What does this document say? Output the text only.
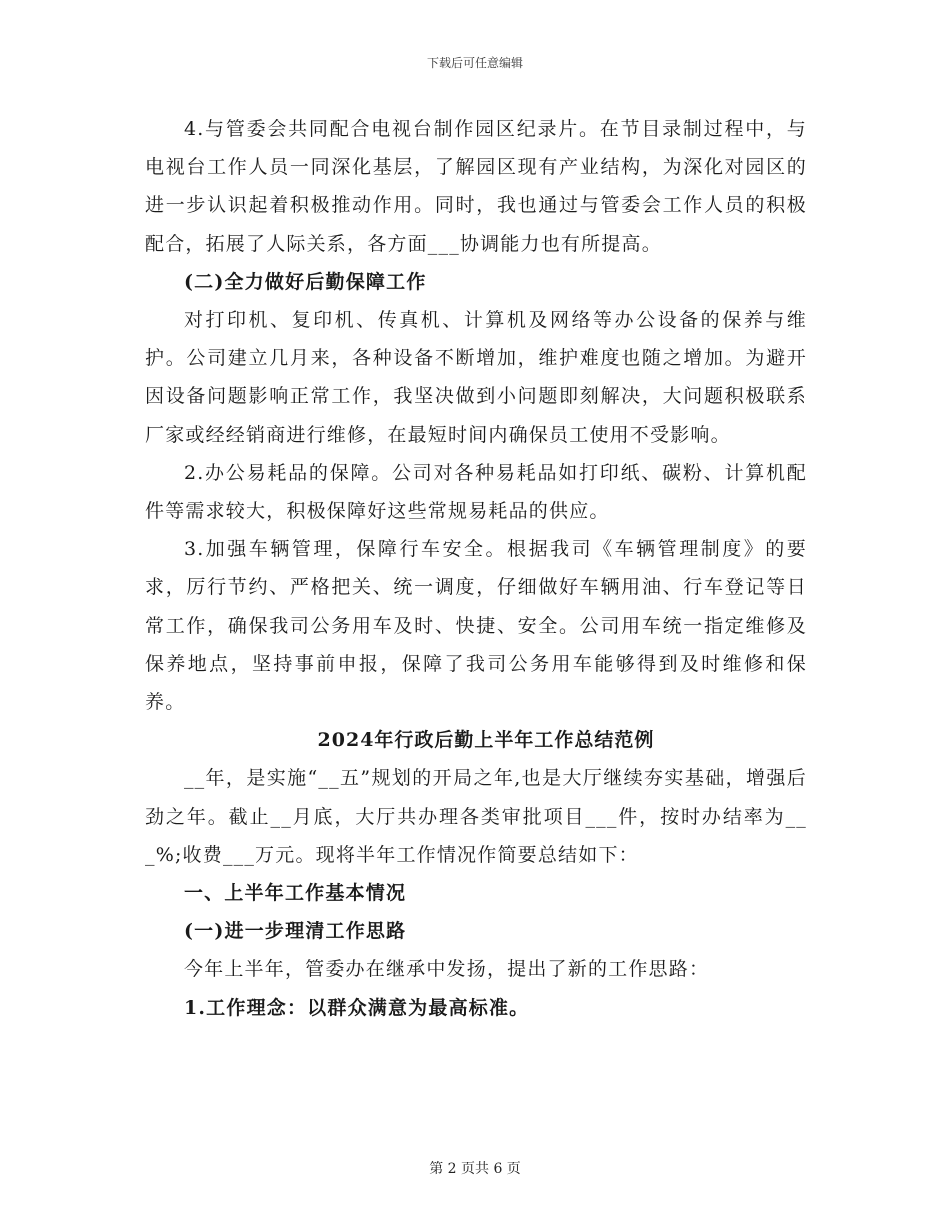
下载后可任意编辑

4.与管委会共同配合电视台制作园区纪录片。在节目录制过程中，与电视台工作人员一同深化基层，了解园区现有产业结构，为深化对园区的进一步认识起着积极推动作用。同时，我也通过与管委会工作人员的积极配合，拓展了人际关系，各方面___协调能力也有所提高。

(二)全力做好后勤保障工作

对打印机、复印机、传真机、计算机及网络等办公设备的保养与维护。公司建立几月来，各种设备不断增加，维护难度也随之增加。为避开因设备问题影响正常工作，我坚决做到小问题即刻解决，大问题积极联系厂家或经经销商进行维修，在最短时间内确保员工使用不受影响。

2.办公易耗品的保障。公司对各种易耗品如打印纸、碳粉、计算机配件等需求较大，积极保障好这些常规易耗品的供应。

3.加强车辆管理，保障行车安全。根据我司《车辆管理制度》的要求，厉行节约、严格把关、统一调度，仔细做好车辆用油、行车登记等日常工作，确保我司公务用车及时、快捷、安全。公司用车统一指定维修及保养地点，坚持事前申报，保障了我司公务用车能够得到及时维修和保养。

2024年行政后勤上半年工作总结范例

__年，是实施“__五”规划的开局之年,也是大厅继续夯实基础，增强后劲之年。截止__月底，大厅共办理各类审批项目___件，按时办结率为___%;收费___万元。现将半年工作情况作简要总结如下：

一、上半年工作基本情况

(一)进一步理清工作思路

今年上半年，管委办在继承中发扬，提出了新的工作思路：

1.工作理念：以群众满意为最高标准。

第 2 页共 6 页
